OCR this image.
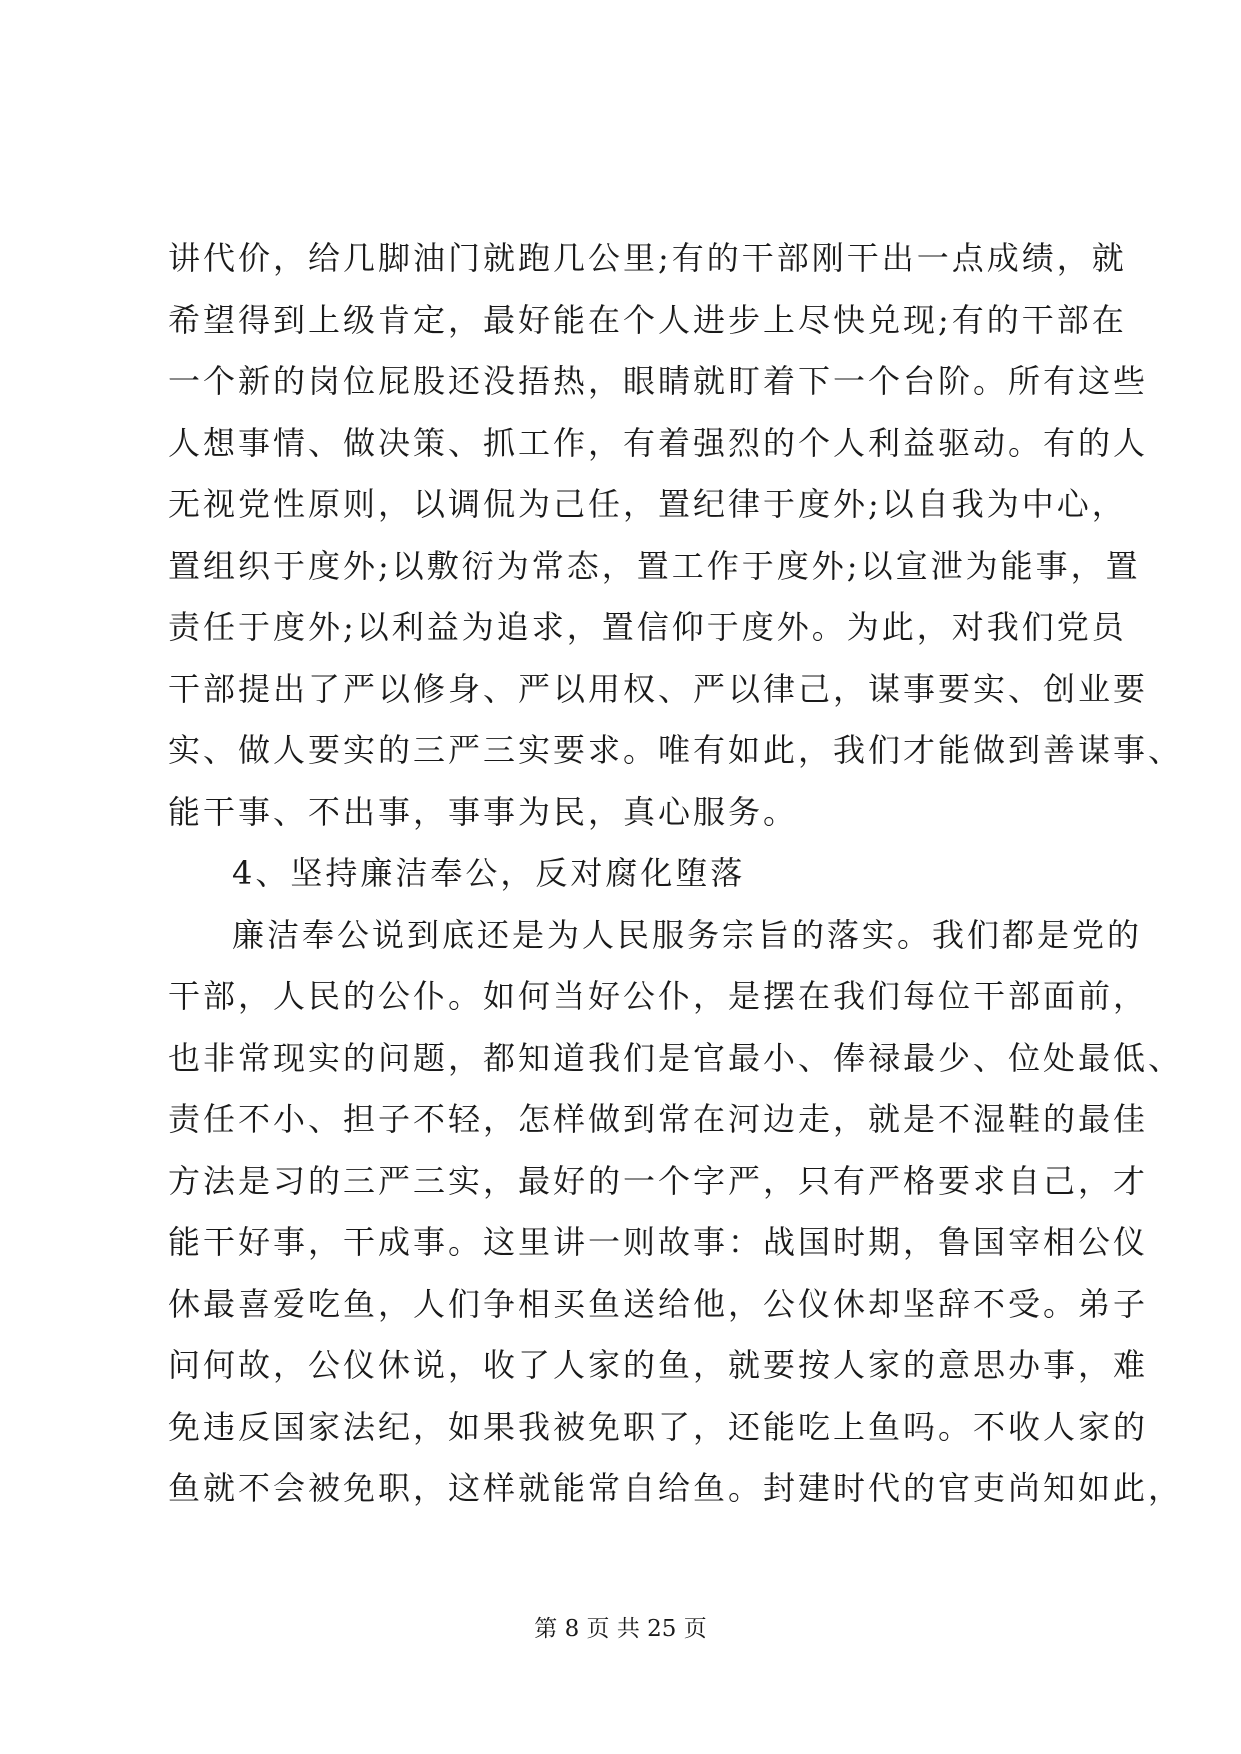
讲代价，给几脚油门就跑几公里;有的干部刚干出一点成绩，就
希望得到上级肯定，最好能在个人进步上尽快兑现;有的干部在
一个新的岗位屁股还没捂热，眼睛就盯着下一个台阶。所有这些
人想事情、做决策、抓工作，有着强烈的个人利益驱动。有的人
无视党性原则，以调侃为己任，置纪律于度外;以自我为中心，
置组织于度外;以敷衍为常态，置工作于度外;以宣泄为能事，置
责任于度外;以利益为追求，置信仰于度外。为此，对我们党员
干部提出了严以修身、严以用权、严以律己，谋事要实、创业要
实、做人要实的三严三实要求。唯有如此，我们才能做到善谋事、
能干事、不出事，事事为民，真心服务。
4、坚持廉洁奉公，反对腐化堕落
廉洁奉公说到底还是为人民服务宗旨的落实。我们都是党的
干部，人民的公仆。如何当好公仆，是摆在我们每位干部面前，
也非常现实的问题，都知道我们是官最小、俸禄最少、位处最低、
责任不小、担子不轻，怎样做到常在河边走，就是不湿鞋的最佳
方法是习的三严三实，最好的一个字严，只有严格要求自己，才
能干好事，干成事。这里讲一则故事：战国时期，鲁国宰相公仪
休最喜爱吃鱼，人们争相买鱼送给他，公仪休却坚辞不受。弟子
问何故，公仪休说，收了人家的鱼，就要按人家的意思办事，难
免违反国家法纪，如果我被免职了，还能吃上鱼吗。不收人家的
鱼就不会被免职，这样就能常自给鱼。封建时代的官吏尚知如此，
第 8 页 共 25 页
